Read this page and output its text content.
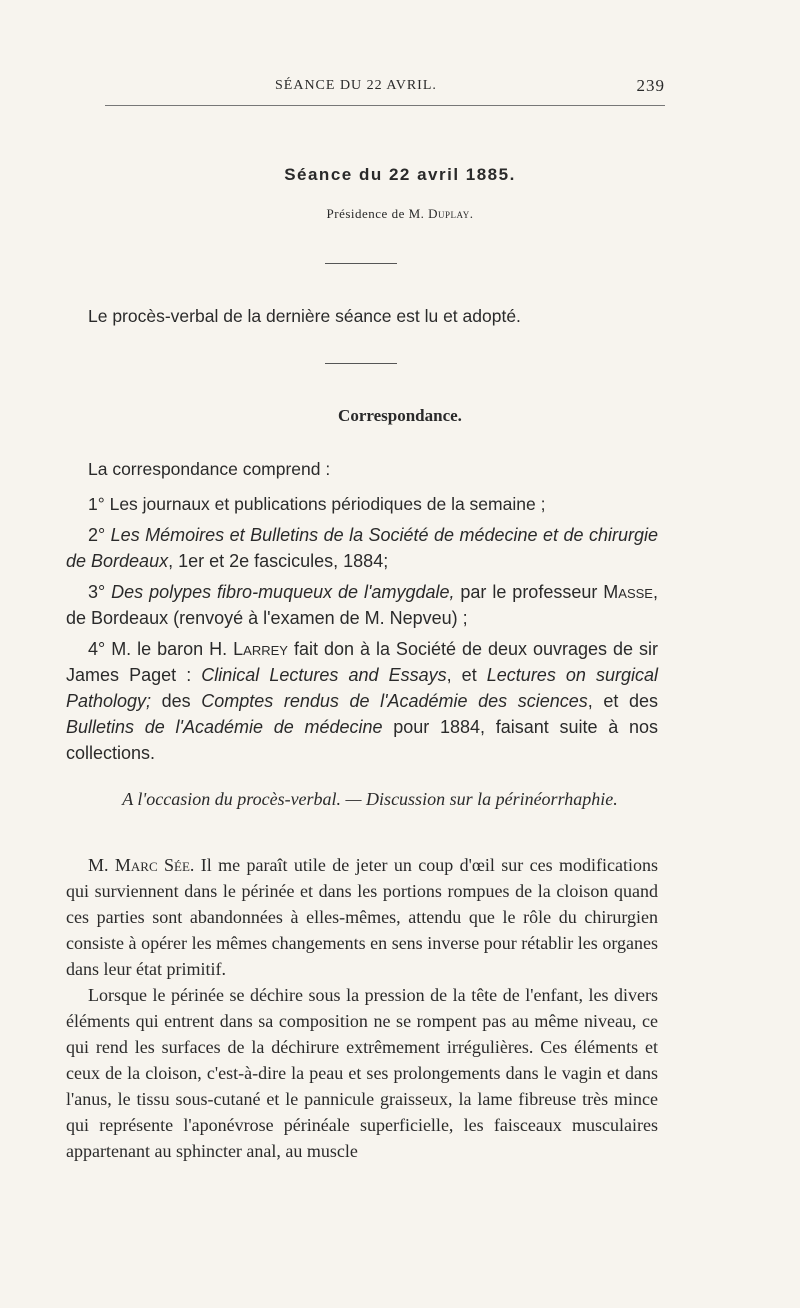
SÉANCE DU 22 AVRIL.	239
Séance du 22 avril 1885.
Présidence de M. Duplay.
Le procès-verbal de la dernière séance est lu et adopté.
Correspondance.

La correspondance comprend :

1° Les journaux et publications périodiques de la semaine ;

2° Les Mémoires et Bulletins de la Société de médecine et de chirurgie de Bordeaux, 1er et 2e fascicules, 1884;

3° Des polypes fibro-muqueux de l'amygdale, par le professeur Masse, de Bordeaux (renvoyé à l'examen de M. Nepveu) ;

4° M. le baron H. Larrey fait don à la Société de deux ouvrages de sir James Paget : Clinical Lectures and Essays, et Lectures on surgical Pathology; des Comptes rendus de l'Académie des sciences, et des Bulletins de l'Académie de médecine pour 1884, faisant suite à nos collections.

A l'occasion du procès-verbal. — Discussion sur la périnéorrhaphie.

M. Marc Sée. Il me paraît utile de jeter un coup d'œil sur ces modifications qui surviennent dans le périnée et dans les portions rompues de la cloison quand ces parties sont abandonnées à elles-mêmes, attendu que le rôle du chirurgien consiste à opérer les mêmes changements en sens inverse pour rétablir les organes dans leur état primitif.

Lorsque le périnée se déchire sous la pression de la tête de l'enfant, les divers éléments qui entrent dans sa composition ne se rompent pas au même niveau, ce qui rend les surfaces de la déchirure extrêmement irrégulières. Ces éléments et ceux de la cloison, c'est-à-dire la peau et ses prolongements dans le vagin et dans l'anus, le tissu sous-cutané et le pannicule graisseux, la lame fibreuse très mince qui représente l'aponévrose périnéale superficielle, les faisceaux musculaires appartenant au sphincter anal, au muscle
